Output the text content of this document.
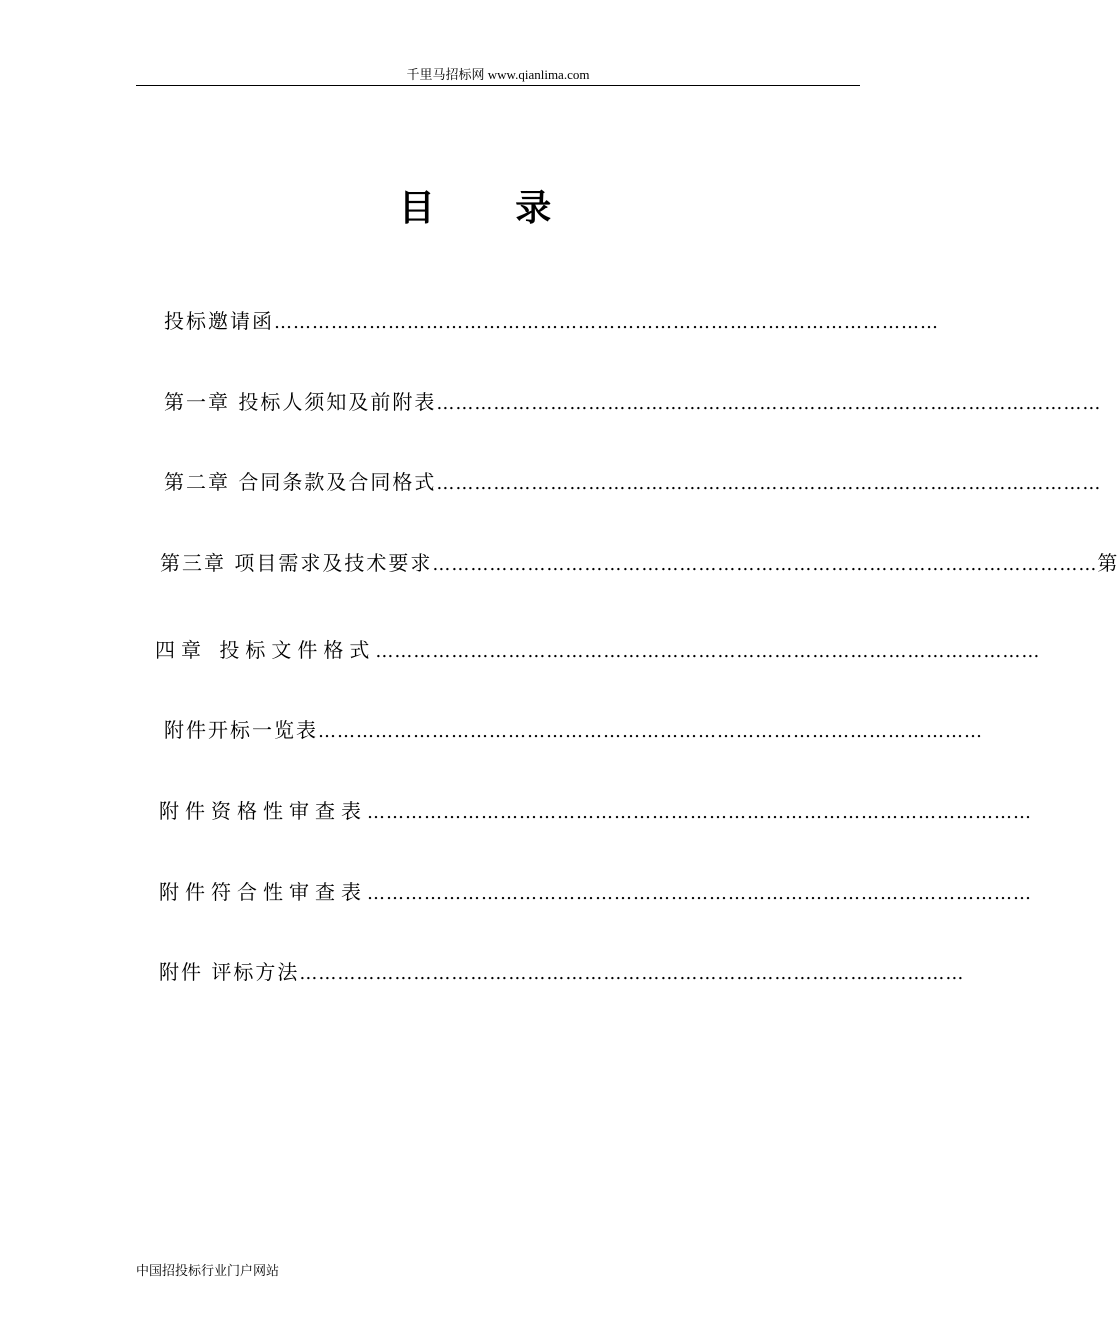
千里马招标网 www.qianlima.com
目 录
投标邀请函 ……………………………………………………………………………………………
第一章 投标人须知及前附表 ……………………………………………………………………………………………
第二章 合同条款及合同格式 ……………………………………………………………………………………………
第三章 项目需求及技术要求 …………………………………………………………………………………………… 第
四章 投标文件格式 ……………………………………………………………………………………………
附件开标一览表 ……………………………………………………………………………………………
附件资格性审查表 ……………………………………………………………………………………………
附件符合性审查表 ……………………………………………………………………………………………
附件 评标方法 ……………………………………………………………………………………………
中国招投标行业门户网站
